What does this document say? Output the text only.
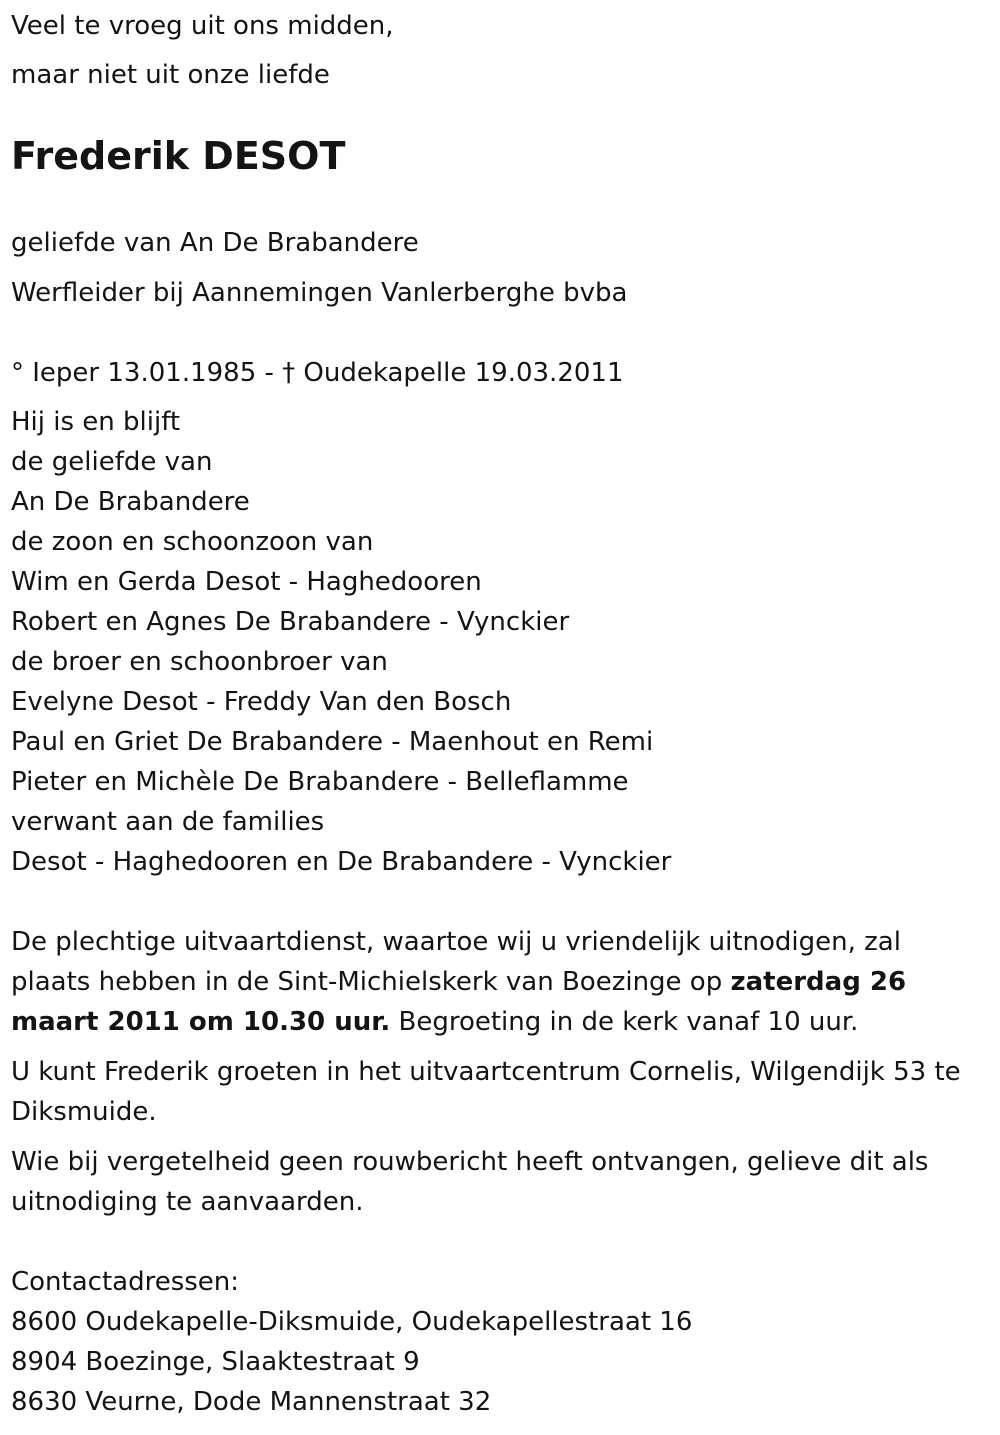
Veel te vroeg uit ons midden,
maar niet uit onze liefde
Frederik DESOT
geliefde van An De Brabandere
Werfleider bij Aannemingen Vanlerberghe bvba
° Ieper 13.01.1985 - † Oudekapelle 19.03.2011
Hij is en blijft
de geliefde van
An De Brabandere
de zoon en schoonzoon van
Wim en Gerda Desot - Haghedooren
Robert en Agnes De Brabandere - Vynckier
de broer en schoonbroer van
Evelyne Desot - Freddy Van den Bosch
Paul en Griet De Brabandere - Maenhout en Remi
Pieter en Michèle De Brabandere - Belleflamme
verwant aan de families
Desot - Haghedooren en De Brabandere - Vynckier
De plechtige uitvaartdienst, waartoe wij u vriendelijk uitnodigen, zal plaats hebben in de Sint-Michielskerk van Boezinge op zaterdag 26 maart 2011 om 10.30 uur. Begroeting in de kerk vanaf 10 uur.
U kunt Frederik groeten in het uitvaartcentrum Cornelis, Wilgendijk 53 te Diksmuide.
Wie bij vergetelheid geen rouwbericht heeft ontvangen, gelieve dit als uitnodiging te aanvaarden.
Contactadressen:
8600 Oudekapelle-Diksmuide, Oudekapellestraat 16
8904 Boezinge, Slaaktestraat 9
8630 Veurne, Dode Mannenstraat 32
